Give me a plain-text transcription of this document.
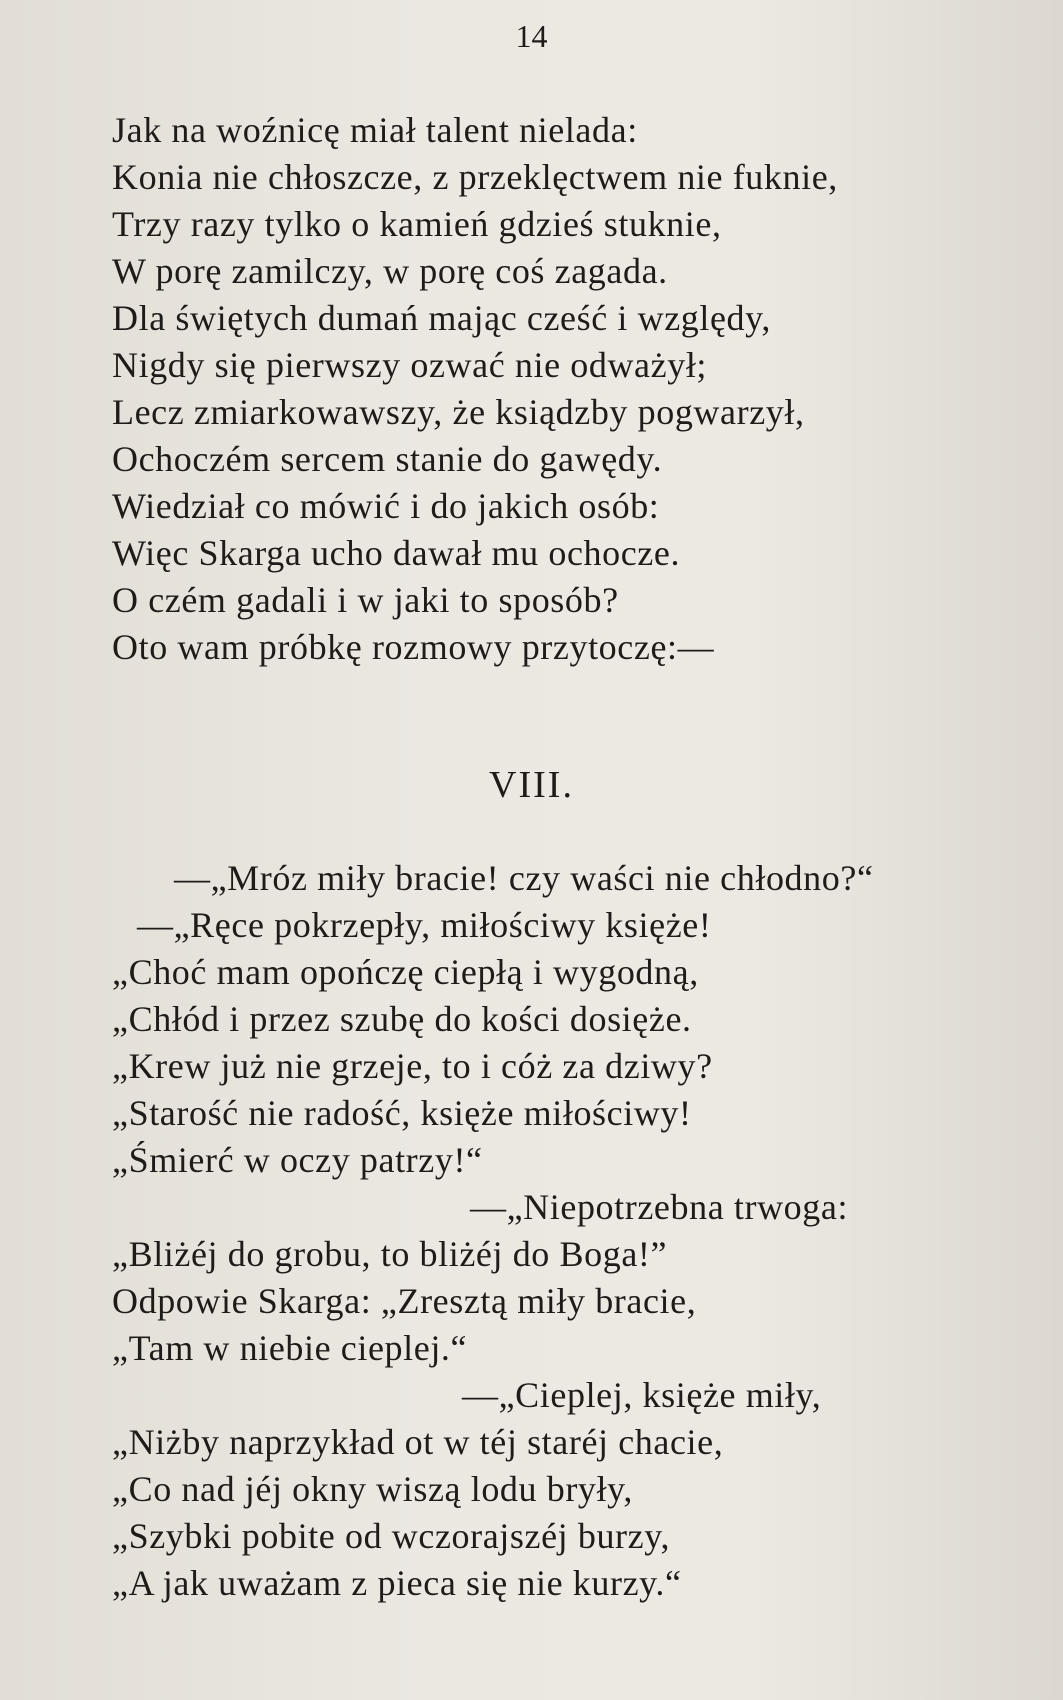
14
Jak na woźnicę miał talent nielada:
Konia nie chłoszcze, z przeklęctwem nie fuknie,
Trzy razy tylko o kamień gdzieś stuknie,
W porę zamilczy, w porę coś zagada.
Dla świętych dumań mając cześć i względy,
Nigdy się pierwszy ozwać nie odważył;
Lecz zmiarkowawszy, że ksiądzby pogwarzył,
Ochoczém sercem stanie do gawędy.
Wiedział co mówić i do jakich osób:
Więc Skarga ucho dawał mu ochocze.
O czém gadali i w jaki to sposób?
Oto wam próbkę rozmowy przytoczę:—
VIII.
—„Mróz miły bracie! czy waści nie chłodno?“
—„Ręce pokrzepły, miłościwy księże!
„Choć mam opończę ciepłą i wygodną,
„Chłód i przez szubę do kości dosięże.
„Krew już nie grzeje, to i cóż za dziwy?
„Starość nie radość, księże miłościwy!
„Śmierć w oczy patrzy!“
—„Niepotrzebna trwoga:
„Bliżéj do grobu, to bliżéj do Boga!”
Odpowie Skarga: „Zresztą miły bracie,
„Tam w niebie cieplej.“
—„Cieplej, księże miły,
„Niżby naprzykład ot w téj staréj chacie,
„Co nad jéj okny wiszą lodu bryły,
„Szybki pobite od wczorajszéj burzy,
„A jak uważam z pieca się nie kurzy.“
